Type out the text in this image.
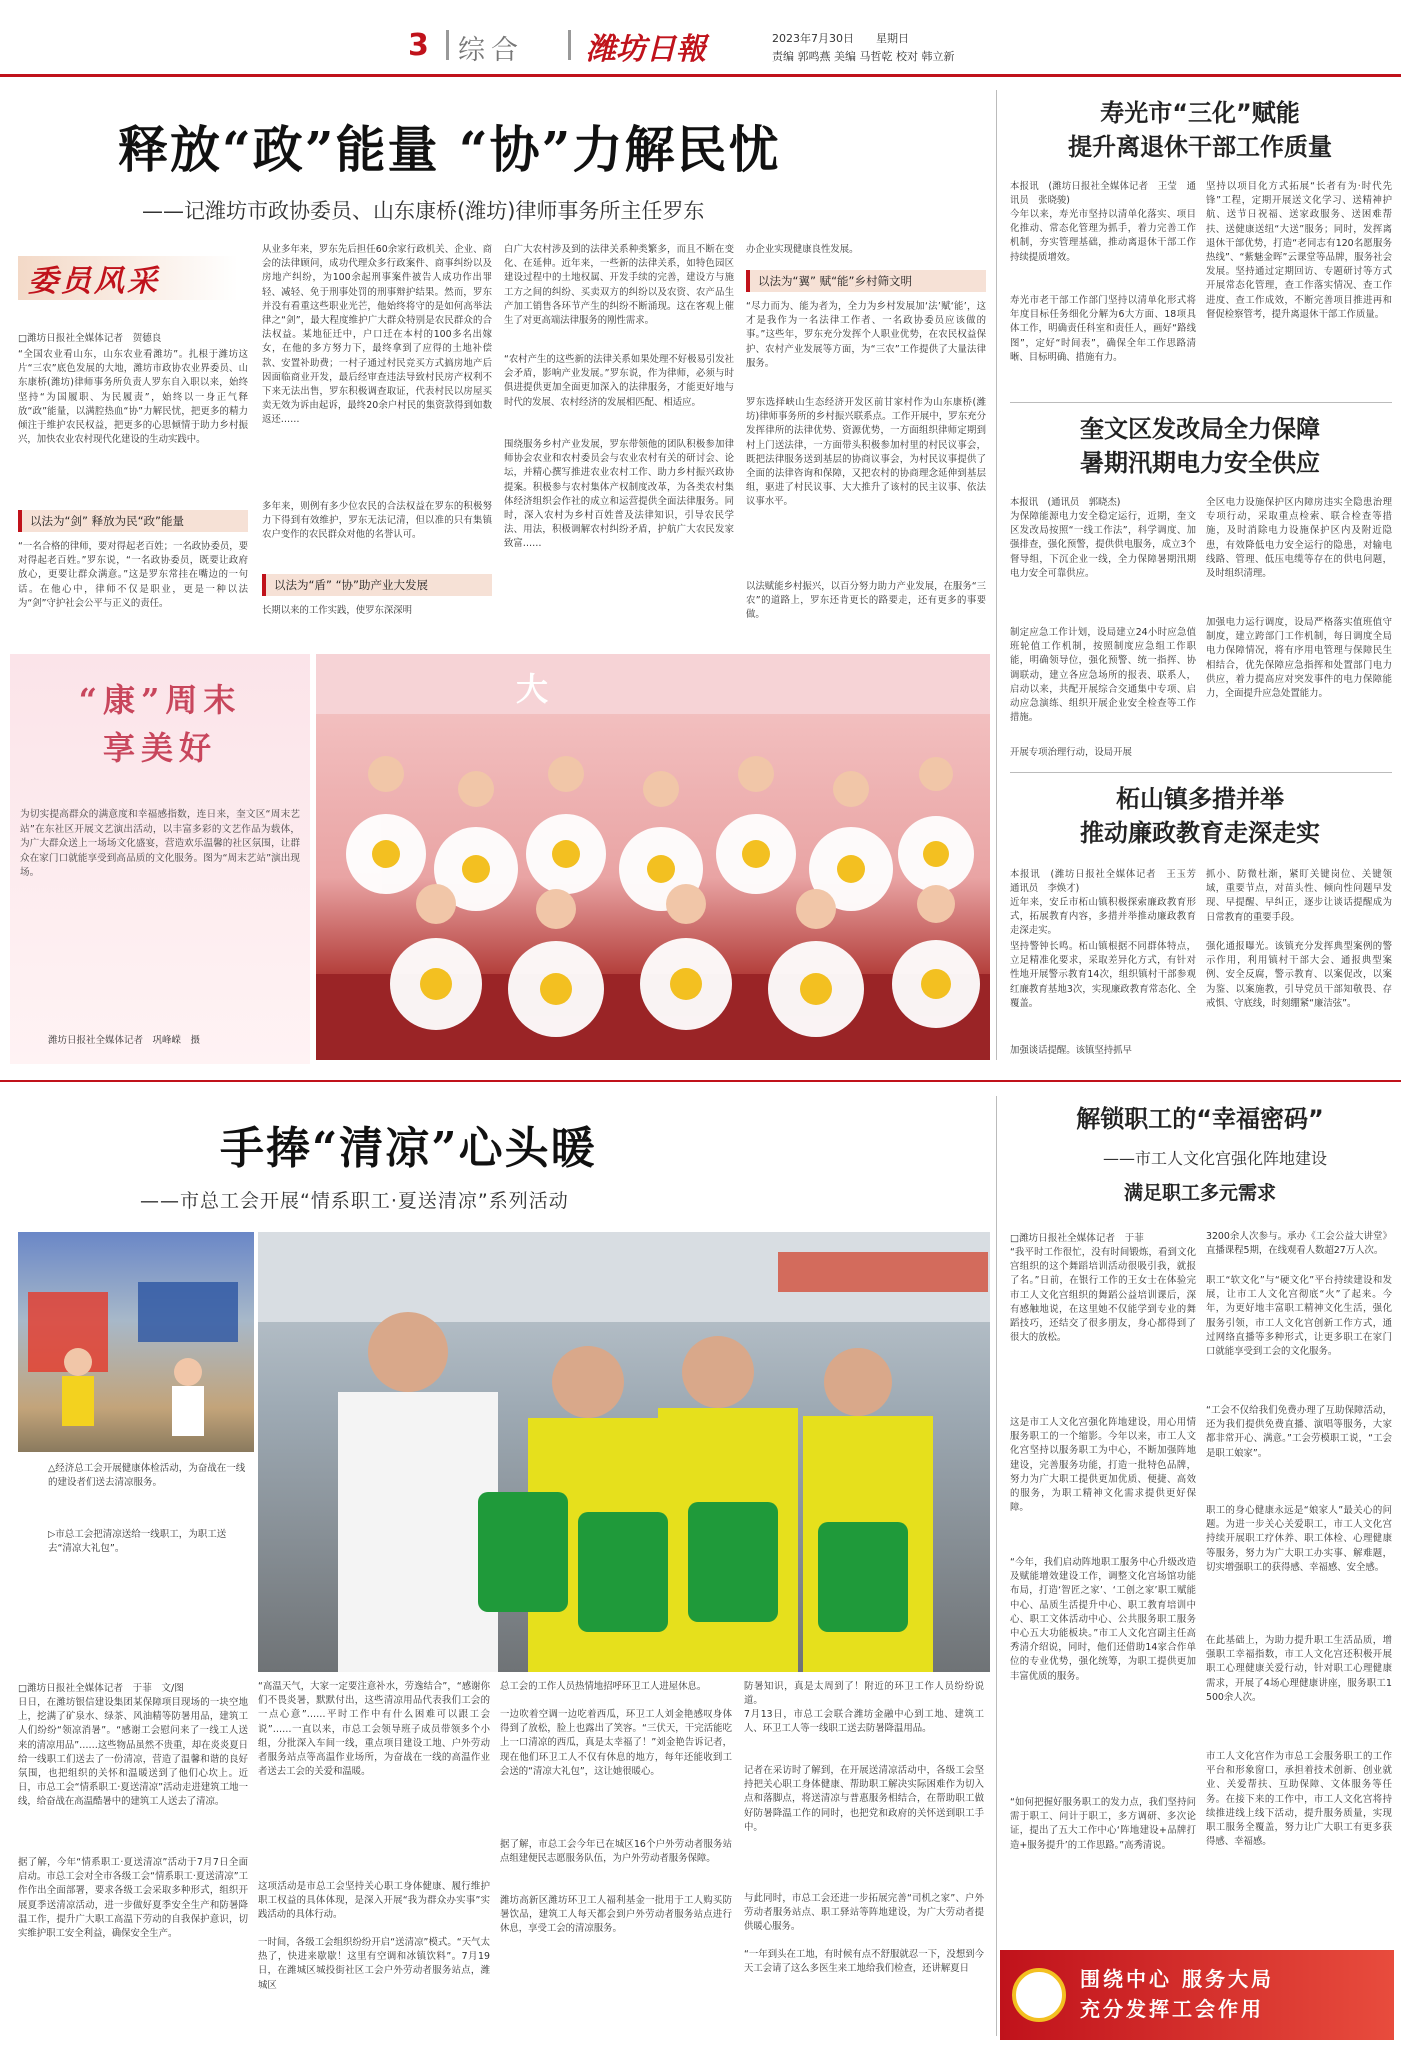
3 综合 潍坊日報	2023年7月30日　　 星期日
责编 郭鸣燕 美编 马哲乾 校对 韩立新
释放“政”能量 “协”力解民忧
——记潍坊市政协委员、山东康桥(潍坊)律师事务所主任罗东
委员风采
□潍坊日报社全媒体记者　贺德良
“全国农业看山东，山东农业看潍坊”。扎根于潍坊这片“三农”底色发展的大地，潍坊市政协农业界委员、山东康桥(潍坊)律师事务所负责人罗东自入职以来，始终坚持“为国履职、为民履责”，始终以一身正气释放“政”能量，以满腔热血“协”力解民忧，把更多的精力倾注于维护农民权益，把更多的心思倾情于助力乡村振兴，加快农业农村现代化建设的生动实践中。
以法为“剑” 释放为民“政”能量
“一名合格的律师，要对得起老百姓；一名政协委员，要对得起老百姓。”罗东说，“一名政协委员，既要让政府放心，更要让群众满意。”这是罗东常挂在嘴边的一句话。在他心中，律师不仅是职业，更是一种以法为“剑”守护社会公平与正义的责任。
从业多年来，罗东先后担任60余家行政机关、企业、商会的法律顾问，成功代理众多行政案件、商事纠纷以及房地产纠纷，为100余起刑事案件被告人成功作出罪轻、减轻、免于刑事处罚的刑事辩护结果。然而，罗东并没有看重这些职业光芒，他始终将守的是如何高举法律之“剑”，最大程度维护广大群众特别是农民群众的合法权益。某地征迁中，户口迁在本村的100多名出嫁女，在他的多方努力下，最终拿到了应得的土地补偿款、安置补助费；一村子通过村民竞买方式搞房地产后因面临商业开发，最后经审查违法导致村民房产权利不下来无法出售，罗东积极调查取证，代表村民以房屋买卖无效为诉由起诉，最终20余户村民的集资款得到如数返还……
多年来，则例有多少位农民的合法权益在罗东的积极努力下得到有效维护，罗东无法记清，但以准的只有集镇农户变作的农民群众对他的名誉认可。
以法为“盾” “协”助产业大发展
长期以来的工作实践，使罗东深深明
白广大农村涉及到的法律关系种类繁多，而且不断在变化、在延伸。近年来，一些新的法律关系，如特色园区建设过程中的土地权属、开发手续的完善，建设方与施工方之间的纠纷、买卖双方的纠纷以及农资、农产品生产加工销售各环节产生的纠纷不断涌现。这在客观上催生了对更高端法律服务的刚性需求。
“农村产生的这些新的法律关系如果处理不好极易引发社会矛盾，影响产业发展。”罗东说，作为律师，必须与时俱进提供更加全面更加深入的法律服务，才能更好地与时代的发展、农村经济的发展相匹配、相适应。
围绕服务乡村产业发展，罗东带领他的团队积极参加律师协会农业和农村委员会与农业农村有关的研讨会、论坛，并精心撰写推进农业农村工作、助力乡村振兴政协提案。积极参与农村集体产权制度改革，为各类农村集体经济组织会作社的成立和运营提供全面法律服务。同时，深入农村为乡村百姓普及法律知识，引导农民学法、用法，积极调解农村纠纷矛盾，护航广大农民发家致富……
办企业实现健康良性发展。
以法为“翼” 赋“能”乡村筛文明
“尽力而为、能为者为，全力为乡村发展加‘法’赋‘能’，这才是我作为一名法律工作者、一名政协委员应该做的事。”这些年，罗东充分发挥个人职业优势，在农民权益保护、农村产业发展等方面，为“三农”工作提供了大量法律服务。
罗东选择峡山生态经济开发区前甘家村作为山东康桥(潍坊)律师事务所的乡村振兴联系点。工作开展中，罗东充分发挥律所的法律优势、资源优势，一方面组织律师定期到村上门送法律，一方面带头积极参加村里的村民议事会，既把法律服务送到基层的协商议事会，为村民议事提供了全面的法律咨询和保障，又把农村的协商理念延伸到基层组，驱进了村民议事、大大推升了该村的民主议事、依法议事水平。
以法赋能乡村振兴，以百分努力助力产业发展，在服务“三农”的道路上，罗东还肯更长的路要走，还有更多的事要做。
寿光市“三化”赋能
提升离退休干部工作质量
本报讯　(潍坊日报社全媒体记者　王莹　通讯员　张晓骏)
今年以来，寿光市坚持以清单化落实、项目化推动、常态化管理为抓手，着力完善工作机制，夯实管理基础，推动离退休干部工作持续提质增效。
寿光市老干部工作部门坚持以清单化形式将年度目标任务细化分解为6大方面、18项具体工作，明确责任科室和责任人，画好“路线图”，定好“时间表”，确保全年工作思路清晰、目标明确、措施有力。
坚持以项目化方式拓展“长者有为·时代先锋”工程，定期开展送文化学习、送精神护航、送节日祝福、送家政服务、送困难帮扶、送健康送纽“大送”服务；同时，发挥离退休干部优势，打造“老同志有120名愿服务热线”、“紫魅金晖”云课堂等品牌，服务社会发展。坚持通过定期回访、专题研讨等方式开展常态化管理，查工作落实情况、查工作进度、查工作成效，不断完善项目推进再和督促检察管考，提升离退休干部工作质量。
奎文区发改局全力保障
暑期汛期电力安全供应
本报讯　(通讯员　郭晓杰)
为保障能源电力安全稳定运行，近期，奎文区发改局按照“一线工作法”，科学调度、加强排查，强化预警，提供供电服务，成立3个督导组，下沉企业一线，全力保障暑期汛期电力安全可靠供应。
制定应急工作计划，设局建立24小时应急值班轮值工作机制，按照制度应急组工作职能，明确领导位，强化预警、统一指挥、协调联动，建立各应急场所的报表、联系人，启动以来，共配开展综合交通集中专项、启动应急演练、组织开展企业安全检查等工作措施。
开展专项治理行动，设局开展
全区电力设施保护区内障房违实全隐患治理专项行动，采取重点检索、联合检查等措施，及时消除电力设施保护区内及附近隐患，有效降低电力安全运行的隐患，对输电线路、管理、低压电缆等存在的供电问题，及时组织清理。
加强电力运行调度，设局严格落实值班值守制度，建立跨部门工作机制，每日调度全局电力保障情况，将有序用电管理与保障民生相结合，优先保障应急指挥和处置部门电力供应，着力提高应对突发事件的电力保障能力，全面提升应急处置能力。
柘山镇多措并举
推动廉政教育走深走实
本报讯　(潍坊日报社全媒体记者　王玉芳　通讯员　李焕才)
近年来，安丘市柘山镇积极探索廉政教育形式，拓展教育内容，多措并举推动廉政教育走深走实。
坚持警钟长鸣。柘山镇根据不同群体特点，立足精准化要求，采取差异化方式，有针对性地开展警示教育14次，组织镇村干部参观红廉教育基地3次，实现廉政教育常态化、全覆盖。
加强谈话提醒。该镇坚持抓早
抓小、防微杜渐，紧盯关键岗位、关键领域，重要节点，对苗头性、倾向性问题早发现、早提醒、早纠正，逐步让谈话提醒成为日常教育的重要手段。
强化通报曝光。该镇充分发挥典型案例的警示作用，利用镇村干部大会、通报典型案例、安全反腐，警示教育、以案促改，以案为鉴、以案施教，引导党员干部知敬畏、存戒惧、守底线，时刻绷紧“廉洁弦”。
“康”周末
享美好
为切实提高群众的满意度和幸福感指数，连日来，奎文区“周末艺站”在东社区开展文艺演出活动，以丰富多彩的文艺作品为载体，为广大群众送上一场场文化盛宴，营造欢乐温馨的社区氛围，让群众在家门口就能享受到高品质的文化服务。图为“周末艺站”演出现场。
潍坊日报社全媒体记者　巩峰嵘　摄
大
手捧“清凉”心头暖
——市总工会开展“情系职工·夏送清凉”系列活动
△经济总工会开展健康体检活动，为奋战在一线的建设者们送去清凉服务。
▷市总工会把清凉送给一线职工，为职工送去“清凉大礼包”。
□潍坊日报社全媒体记者　于菲　文/图
日日，在潍坊银信建设集团某保障项目现场的一块空地上，挖满了矿泉水、绿茶、风油精等防暑用品，建筑工人们纷纷“领凉消暑”。“感谢工会慰问来了一线工人送来的清凉用品”……这些物品虽然不贵重，却在炎炎夏日给一线职工们送去了一份清凉，营造了温馨和谐的良好氛围，也把组织的关怀和温暖送到了他们心坎上。近日，市总工会“情系职工·夏送清凉”活动走进建筑工地一线，给奋战在高温酷暑中的建筑工人送去了清凉。
据了解，今年“情系职工·夏送清凉”活动于7月7日全面启动。市总工会对全市各级工会“情系职工·夏送清凉”工作作出全面部署，要求各级工会采取多种形式，组织开展夏季送清凉活动，进一步做好夏季安全生产和防暑降温工作，提升广大职工高温下劳动的自我保护意识，切实维护职工安全利益，确保安全生产。
“高温天气，大家一定要注意补水，劳逸结合”，“感谢你们不畏炎暑，默默付出，这些清凉用品代表我们工会的一点心意”……平时工作中有什么困难可以跟工会说”……一直以来，市总工会领导班子成员带领多个小组，分批深入车间一线，重点项目建设工地、户外劳动者服务站点等高温作业场所，为奋战在一线的高温作业者送去工会的关爱和温暖。
这项活动是市总工会坚持关心职工身体健康、履行维护职工权益的具体体现，是深入开展“我为群众办实事”实践活动的具体行动。
一时间，各级工会组织纷纷开启“送清凉”模式。“天气太热了，快进来歇歇！这里有空调和冰镇饮料”。7月19日，在潍城区城投街社区工会户外劳动者服务站点，潍城区
总工会的工作人员热情地招呼环卫工人进屋休息。
一边吹着空调一边吃着西瓜，环卫工人刘金艳感叹身体得到了放松，脸上也露出了笑容。“三伏天，干完活能吃上一口清凉的西瓜，真是太幸福了！”刘金艳告诉记者，现在他们环卫工人不仅有休息的地方，每年还能收到工会送的“清凉大礼包”，这让她很暖心。
据了解，市总工会今年已在城区16个户外劳动者服务站点组建便民志愿服务队伍，为户外劳动者服务保障。
潍坊高新区潍坊环卫工人福利基金一批用于工人购买防暑饮品，建筑工人每天都会到户外劳动者服务站点进行休息，享受工会的清凉服务。
防暑知识，真是太周到了！附近的环卫工作人员纷纷说道。
7月13日，市总工会联合潍坊金融中心到工地、建筑工人、环卫工人等一线职工送去防暑降温用品。
记者在采访时了解到，在开展送清凉活动中，各级工会坚持把关心职工身体健康、帮助职工解决实际困难作为切入点和落脚点，将送清凉与普惠服务相结合，在帮助职工做好防暑降温工作的同时，也把党和政府的关怀送到职工手中。
与此同时，市总工会还进一步拓展完善“司机之家”、户外劳动者服务站点、职工驿站等阵地建设，为广大劳动者提供暖心服务。
“一年到头在工地，有时候有点不舒服就忍一下，没想到今天工会请了这么多医生来工地给我们检查，还讲解夏日
解锁职工的“幸福密码”
——市工人文化宫强化阵地建设
满足职工多元需求
□潍坊日报社全媒体记者　于菲
“我平时工作很忙，没有时间锻炼，看到文化宫组织的这个舞蹈培训活动很吸引我，就报了名。”日前，在银行工作的王女士在体验完市工人文化宫组织的舞蹈公益培训课后，深有感触地说，在这里她不仅能学到专业的舞蹈技巧，还结交了很多朋友，身心都得到了很大的放松。
这是市工人文化宫强化阵地建设，用心用情服务职工的一个缩影。今年以来，市工人文化宫坚持以服务职工为中心，不断加强阵地建设，完善服务功能，打造一批特色品牌，努力为广大职工提供更加优质、便捷、高效的服务，为职工精神文化需求提供更好保障。
“今年，我们启动阵地职工服务中心升级改造及赋能增效建设工作，调整文化宫场馆功能布局，打造‘智匠之家’、‘工创之家’职工赋能中心、品质生活提升中心、职工教育培训中心、职工文体活动中心、公共服务职工服务中心五大功能板块。”市工人文化宫副主任高秀清介绍说，同时，他们还借助14家合作单位的专业优势，强化统筹，为职工提供更加丰富优质的服务。
“如何把握好服务职工的发力点，我们坚持问需于职工、问计于职工，多方调研、多次论证，提出了五大工作中心‘阵地建设+品牌打造+服务提升’的工作思路。”高秀清说。
3200余人次参与。承办《工会公益大讲堂》直播课程5期，在线观看人数超27万人次。
职工“软文化”与“硬文化”平台持续建设和发展，让市工人文化宫彻底“火”了起来。今年，为更好地丰富职工精神文化生活，强化服务引领，市工人文化宫创新工作方式，通过网络直播等多种形式，让更多职工在家门口就能享受到工会的文化服务。
“工会不仅给我们免费办理了互助保障活动，还为我们提供免费直播、演唱等服务，大家都非常开心、满意。”工会劳模职工说，“工会是职工娘家”。
职工的身心健康永远是“娘家人”最关心的问题。为进一步关心关爱职工，市工人文化宫持续开展职工疗休养、职工体检、心理健康等服务，努力为广大职工办实事、解难题，切实增强职工的获得感、幸福感、安全感。
在此基础上，为助力提升职工生活品质，增强职工幸福指数，市工人文化宫还积极开展职工心理健康关爱行动，针对职工心理健康需求，开展了4场心理健康讲座，服务职工1500余人次。
市工人文化宫作为市总工会服务职工的工作平台和形象窗口，承担着技术创新、创业就业、关爱帮扶、互助保障、文体服务等任务。在接下来的工作中，市工人文化宫将持续推进线上线下活动，提升服务质量，实现职工服务全覆盖，努力让广大职工有更多获得感、幸福感。
围绕中心 服务大局
充分发挥工会作用
